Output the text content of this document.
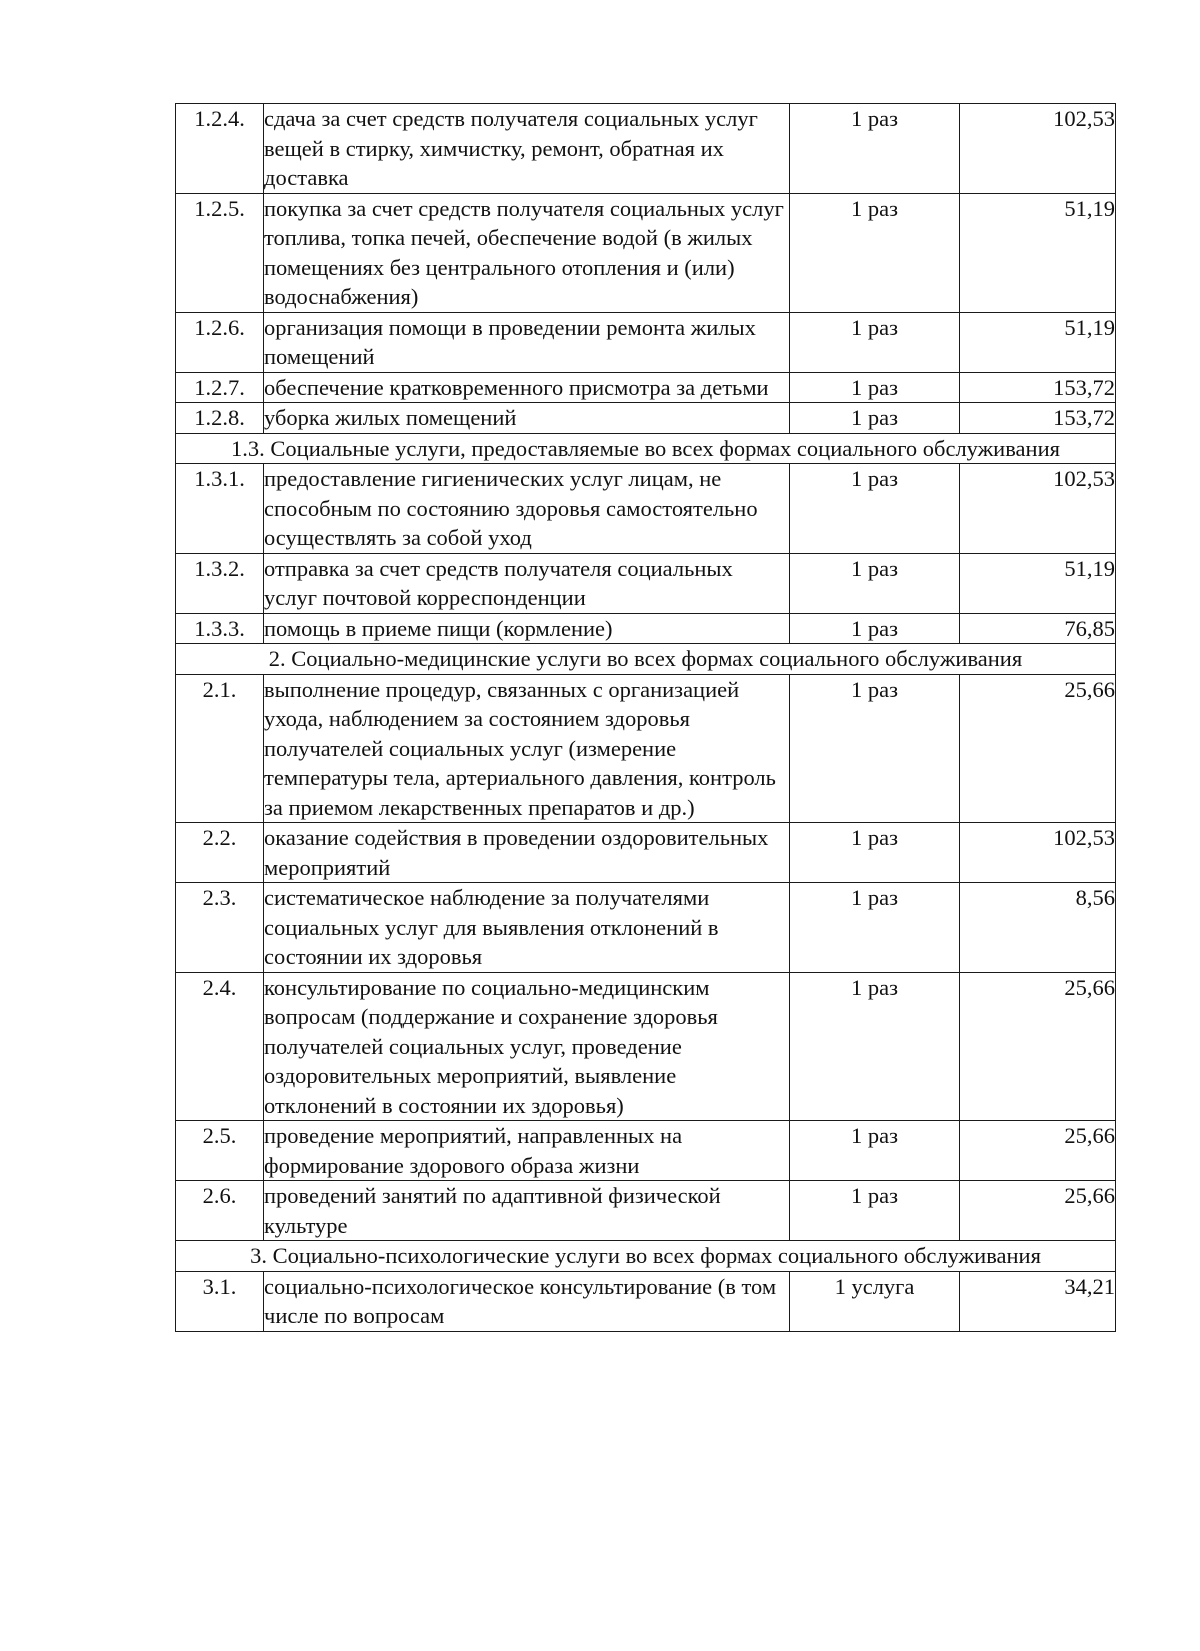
1.2.4.	сдача за счет средств получателя социальных услуг вещей в стирку, химчистку, ремонт, обратная их доставка	1 раз	102,53
1.2.5.	покупка за счет средств получателя социальных услуг топлива, топка печей, обеспечение водой (в жилых помещениях без центрального отопления и (или) водоснабжения)	1 раз	51,19
1.2.6.	организация помощи в проведении ремонта жилых помещений	1 раз	51,19
1.2.7.	обеспечение кратковременного присмотра за детьми	1 раз	153,72
1.2.8.	уборка жилых помещений	1 раз	153,72
1.3. Социальные услуги, предоставляемые во всех формах социального обслуживания			
1.3.1.	предоставление гигиенических услуг лицам, не способным по состоянию здоровья самостоятельно осуществлять за собой уход	1 раз	102,53
1.3.2.	отправка за счет средств получателя социальных услуг почтовой корреспонденции	1 раз	51,19
1.3.3.	помощь в приеме пищи (кормление)	1 раз	76,85
2. Социально-медицинские услуги во всех формах социального обслуживания			
2.1.	выполнение процедур, связанных с организацией ухода, наблюдением за состоянием здоровья получателей социальных услуг (измерение температуры тела, артериального давления, контроль за приемом лекарственных препаратов и др.)	1 раз	25,66
2.2.	оказание содействия в проведении оздоровительных мероприятий	1 раз	102,53
2.3.	систематическое наблюдение за получателями социальных услуг для выявления отклонений в состоянии их здоровья	1 раз	8,56
2.4.	консультирование по социально-медицинским вопросам (поддержание и сохранение здоровья получателей социальных услуг, проведение оздоровительных мероприятий, выявление отклонений в состоянии их здоровья)	1 раз	25,66
2.5.	проведение мероприятий, направленных на формирование здорового образа жизни	1 раз	25,66
2.6.	проведений занятий по адаптивной физической культуре	1 раз	25,66
3. Социально-психологические услуги во всех формах социального обслуживания			
3.1.	социально-психологическое консультирование (в том числе по вопросам	1 услуга	34,21
